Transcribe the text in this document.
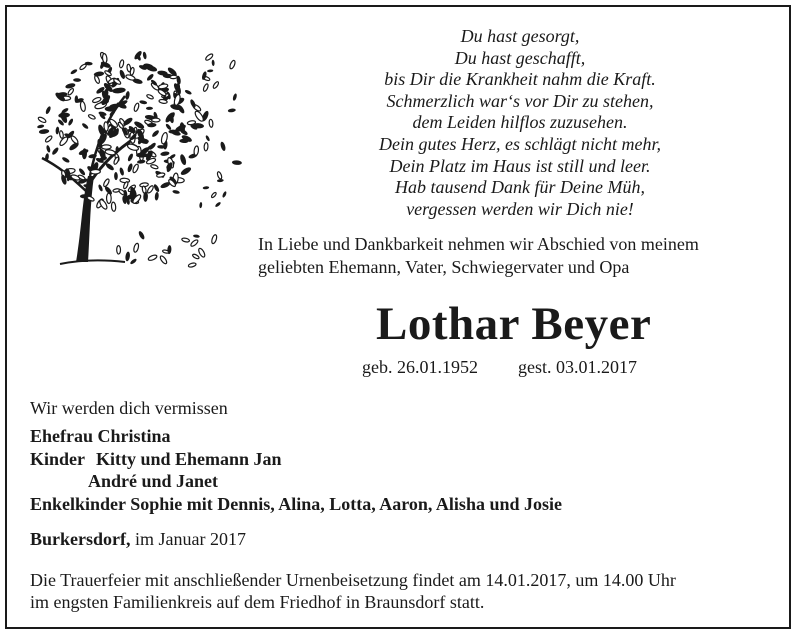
Du hast gesorgt,
Du hast geschafft,
bis Dir die Krankheit nahm die Kraft.
Schmerzlich war‘s vor Dir zu stehen,
dem Leiden hilflos zuzusehen.
Dein gutes Herz, es schlägt nicht mehr,
Dein Platz im Haus ist still und leer.
Hab tausend Dank für Deine Müh,
vergessen werden wir Dich nie!
In Liebe und Dankbarkeit nehmen wir Abschied von meinem
geliebten Ehemann, Vater, Schwiegervater und Opa
Lothar Beyer
geb. 26.01.1952 gest. 03.01.2017
Wir werden dich vermissen
Ehefrau Christina
Kinder Kitty und Ehemann Jan
André und Janet
Enkelkinder Sophie mit Dennis, Alina, Lotta, Aaron, Alisha und Josie
Burkersdorf, im Januar 2017
Die Trauerfeier mit anschließender Urnenbeisetzung findet am 14.01.2017, um 14.00 Uhr
im engsten Familienkreis auf dem Friedhof in Braunsdorf statt.
